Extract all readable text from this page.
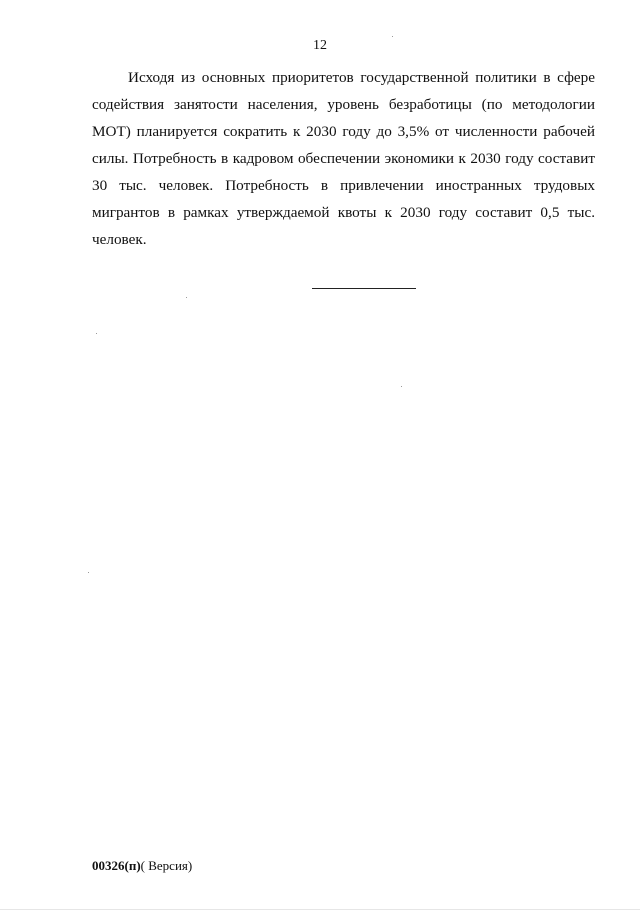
12

Исходя из основных приоритетов государственной политики в сфере содействия занятости населения, уровень безработицы (по методологии МОТ) планируется сократить к 2030 году до 3,5% от численности рабочей силы. Потребность в кадровом обеспечении экономики к 2030 году составит 30 тыс. человек. Потребность в привлечении иностранных трудовых мигрантов в рамках утверждаемой квоты к 2030 году составит 0,5 тыс. человек.

00326(п)( Версия)
